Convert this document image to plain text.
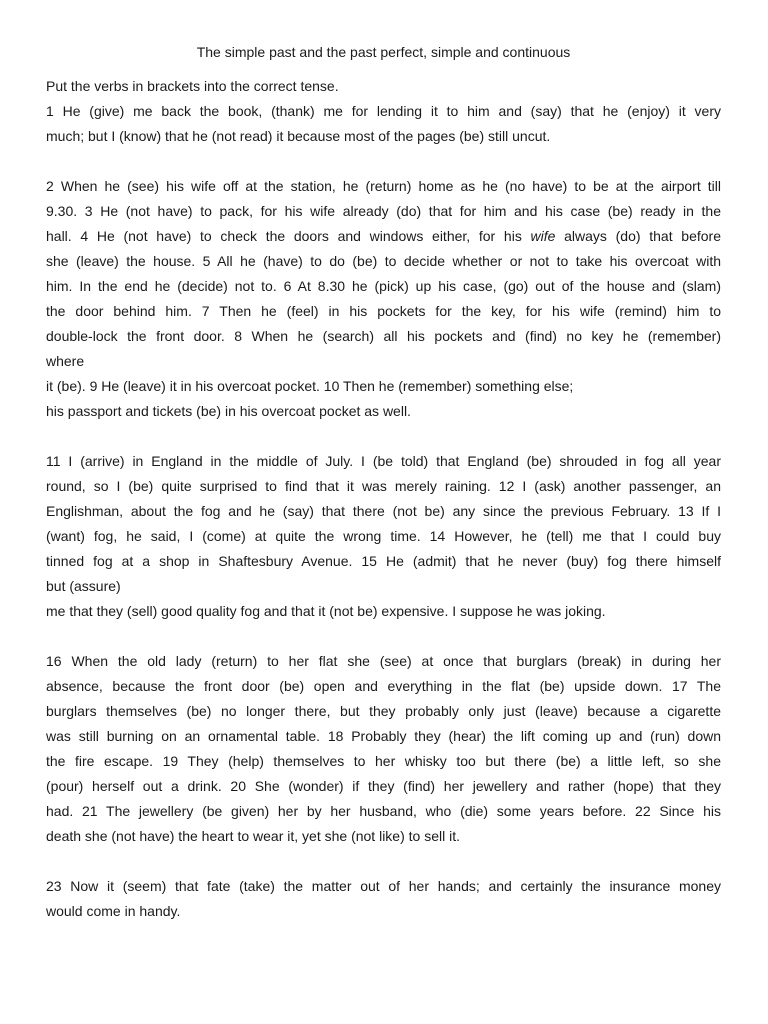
The simple past and the past perfect, simple and continuous
Put the verbs in brackets into the correct tense.
1 He (give) me back the book, (thank) me for lending it to him and (say) that he (enjoy) it very
much; but I (know) that he (not read) it because most of the pages (be) still uncut.
2 When he (see) his wife off at the station, he (return) home as he (no have) to be at the airport till
9.30. 3 He (not have) to pack, for his wife already (do) that for him and his case (be) ready in the
hall. 4 He (not have) to check the doors and windows either, for his wife always (do) that before
she (leave) the house. 5 All he (have) to do (be) to decide whether or not to take his overcoat with
him. In the end he (decide) not to. 6 At 8.30 he (pick) up his case, (go) out of the house and (slam)
the door behind him. 7 Then he (feel) in his pockets for the key, for his wife (remind) him to
double-lock the front door. 8 When he (search) all his pockets and (find) no key he (remember)
where
it (be). 9 He (leave) it in his overcoat pocket. 10 Then he (remember) something else;
his passport and tickets (be) in his overcoat pocket as well.
11 I (arrive) in England in the middle of July. I (be told) that England (be) shrouded in fog all year
round, so I (be) quite surprised to find that it was merely raining. 12 I (ask) another passenger, an
Englishman, about the fog and he (say) that there (not be) any since the previous February. 13 If I
(want) fog, he said, I (come) at quite the wrong time. 14 However, he (tell) me that I could buy
tinned fog at a shop in Shaftesbury Avenue. 15 He (admit) that he never (buy) fog there himself
but (assure)
me that they (sell) good quality fog and that it (not be) expensive. I suppose he was joking.
16 When the old lady (return) to her flat she (see) at once that burglars (break) in during her
absence, because the front door (be) open and everything in the flat (be) upside down. 17 The
burglars themselves (be) no longer there, but they probably only just (leave) because a cigarette
was still burning on an ornamental table. 18 Probably they (hear) the lift coming up and (run) down
the fire escape. 19 They (help) themselves to her whisky too but there (be) a little left, so she
(pour) herself out a drink. 20 She (wonder) if they (find) her jewellery and rather (hope) that they
had. 21 The jewellery (be given) her by her husband, who (die) some years before. 22 Since his
death she (not have) the heart to wear it, yet she (not like) to sell it.
23 Now it (seem) that fate (take) the matter out of her hands; and certainly the insurance money
would come in handy.
